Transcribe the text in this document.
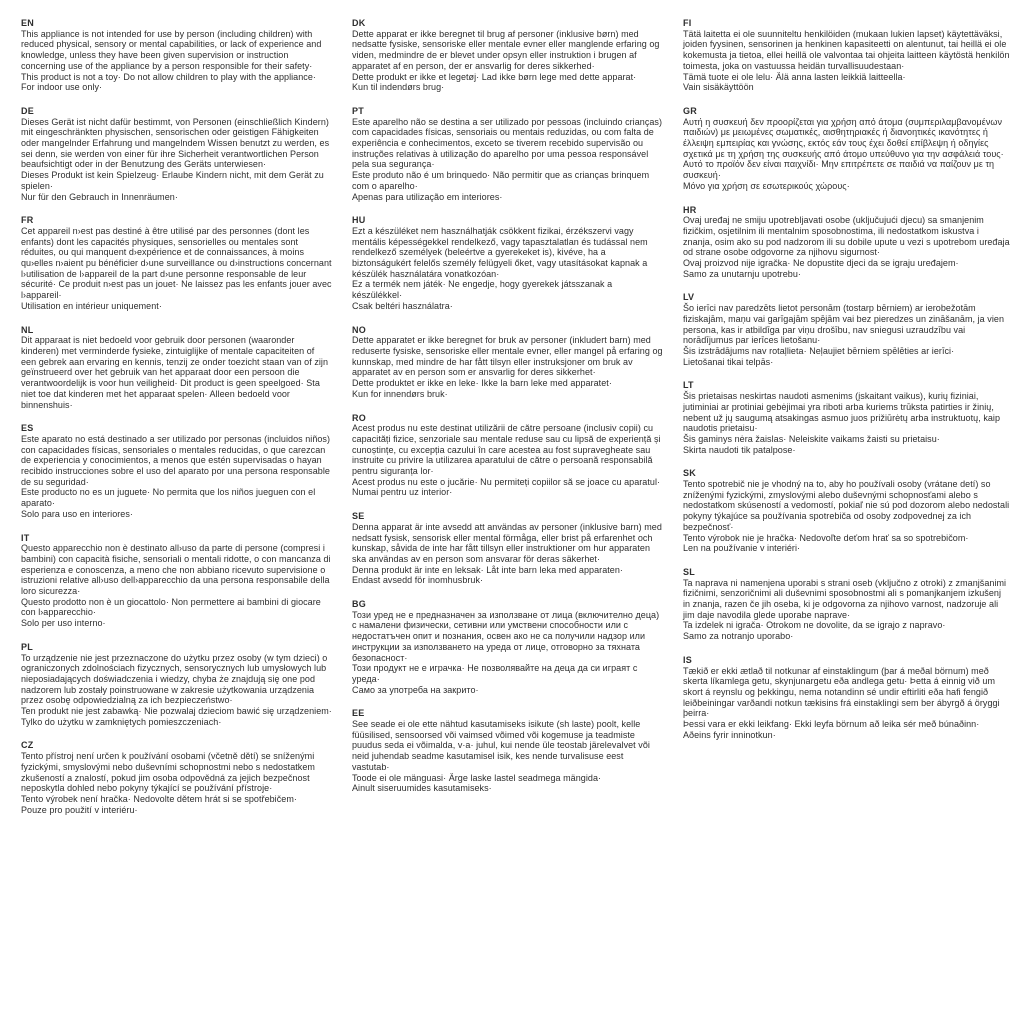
EN

This appliance is not intended for use by person (including children) with reduced physical, sensory or mental capabilities, or lack of experience and knowledge, unless they have been given supervision or instruction concerning use of the appliance by a person responsible for their safety·

This product is not a toy· Do not allow children to play with the appliance·

For indoor use only·

DE

Dieses Gerät ist nicht dafür bestimmt, von Personen (einschließlich Kindern) mit eingeschränkten physischen, sensorischen oder geistigen Fähigkeiten oder mangelnder Erfahrung und mangelndem Wissen benutzt zu werden, es sei denn, sie werden von einer für ihre Sicherheit verantwortlichen Person beaufsichtigt oder in der Benutzung des Geräts unterwiesen·

Dieses Produkt ist kein Spielzeug· Erlaube Kindern nicht, mit dem Gerät zu spielen·

Nur für den Gebrauch in Innenräumen·

FR

Cet appareil n›est pas destiné à être utilisé par des personnes (dont les enfants) dont les capacités physiques, sensorielles ou mentales sont réduites, ou qui manquent d›expérience et de connaissances, à moins qu›elles n›aient pu bénéficier d›une surveillance ou d›instructions concernant l›utilisation de l›appareil de la part d›une personne responsable de leur sécurité· Ce produit n›est pas un jouet· Ne laissez pas les enfants jouer avec l›appareil·

Utilisation en intérieur uniquement·

NL

Dit apparaat is niet bedoeld voor gebruik door personen (waaronder kinderen) met verminderde fysieke, zintuiglijke of mentale capaciteiten of een gebrek aan ervaring en kennis, tenzij ze onder toezicht staan van of zijn geïnstrueerd over het gebruik van het apparaat door een persoon die verantwoordelijk is voor hun veiligheid· Dit product is geen speelgoed· Sta niet toe dat kinderen met het apparaat spelen· Alleen bedoeld voor binnenshuis·

ES

Este aparato no está destinado a ser utilizado por personas (incluidos niños) con capacidades físicas, sensoriales o mentales reducidas, o que carezcan de experiencia y conocimientos, a menos que estén supervisadas o hayan recibido instrucciones sobre el uso del aparato por una persona responsable de su seguridad·

Este producto no es un juguete· No permita que los niños jueguen con el aparato·

Solo para uso en interiores·

IT

Questo apparecchio non è destinato all›uso da parte di persone (compresi i bambini) con capacità fisiche, sensoriali o mentali ridotte, o con mancanza di esperienza e conoscenza, a meno che non abbiano ricevuto supervisione o istruzioni relative all›uso dell›apparecchio da una persona responsabile della loro sicurezza·

Questo prodotto non è un giocattolo· Non permettere ai bambini di giocare con l›apparecchio·

Solo per uso interno·

PL

To urządzenie nie jest przeznaczone do użytku przez osoby (w tym dzieci) o ograniczonych zdolnościach fizycznych, sensorycznych lub umysłowych lub nieposiadających doświadczenia i wiedzy, chyba że znajdują się one pod nadzorem lub zostały poinstruowane w zakresie użytkowania urządzenia przez osobę odpowiedzialną za ich bezpieczeństwo·

Ten produkt nie jest zabawką· Nie pozwalaj dzieciom bawić się urządzeniem·

Tylko do użytku w zamkniętych pomieszczeniach·

CZ

Tento přístroj není určen k používání osobami (včetně dětí) se sníženými fyzickými, smyslovými nebo duševními schopnostmi nebo s nedostatkem zkušeností a znalostí, pokud jim osoba odpovědná za jejich bezpečnost neposkytla dohled nebo pokyny týkající se používání přístroje·

Tento výrobek není hračka· Nedovolte dětem hrát si se spotřebičem·

Pouze pro použití v interiéru·

DK

Dette apparat er ikke beregnet til brug af personer (inklusive børn) med nedsatte fysiske, sensoriske eller mentale evner eller manglende erfaring og viden, medmindre de er blevet under opsyn eller instruktion i brugen af apparatet af en person, der er ansvarlig for deres sikkerhed·

Dette produkt er ikke et legetøj· Lad ikke børn lege med dette apparat·

Kun til indendørs brug·

PT

Este aparelho não se destina a ser utilizado por pessoas (incluindo crianças) com capacidades físicas, sensoriais ou mentais reduzidas, ou com falta de experiência e conhecimentos, exceto se tiverem recebido supervisão ou instruções relativas à utilização do aparelho por uma pessoa responsável pela sua segurança·

Este produto não é um brinquedo· Não permitir que as crianças brinquem com o aparelho·

Apenas para utilização em interiores·

HU

Ezt a készüléket nem használhatják csökkent fizikai, érzékszervi vagy mentális képességekkel rendelkező, vagy tapasztalatlan és tudással nem rendelkező személyek (beleértve a gyerekeket is), kivéve, ha a biztonságukért felelős személy felügyeli őket, vagy utasításokat kapnak a készülék használatára vonatkozóan·

Ez a termék nem játék· Ne engedje, hogy gyerekek játsszanak a készülékkel·

Csak beltéri használatra·

NO

Dette apparatet er ikke beregnet for bruk av personer (inkludert barn) med reduserte fysiske, sensoriske eller mentale evner, eller mangel på erfaring og kunnskap, med mindre de har fått tilsyn eller instruksjoner om bruk av apparatet av en person som er ansvarlig for deres sikkerhet·

Dette produktet er ikke en leke· Ikke la barn leke med apparatet·

Kun for innendørs bruk·

RO

Acest produs nu este destinat utilizării de către persoane (inclusiv copii) cu capacități fizice, senzoriale sau mentale reduse sau cu lipsă de experiență și cunoștințe, cu excepția cazului în care acestea au fost supravegheate sau instruite cu privire la utilizarea aparatului de către o persoană responsabilă pentru siguranța lor·

Acest produs nu este o jucărie· Nu permiteți copiilor să se joace cu aparatul·

Numai pentru uz interior·

SE

Denna apparat är inte avsedd att användas av personer (inklusive barn) med nedsatt fysisk, sensorisk eller mental förmåga, eller brist på erfarenhet och kunskap, såvida de inte har fått tillsyn eller instruktioner om hur apparaten ska användas av en person som ansvarar för deras säkerhet·

Denna produkt är inte en leksak· Låt inte barn leka med apparaten·

Endast avsedd för inomhusbruk·

BG

Този уред не е предназначен за използване от лица (включително деца) с намалени физически, сетивни или умствени способности или с недостатъчен опит и познания, освен ако не са получили надзор или инструкции за използването на уреда от лице, отговорно за тяхната безопасност·

Този продукт не е играчка· Не позволявайте на деца да си играят с уреда·

Само за употреба на закрито·

EE

See seade ei ole ette nähtud kasutamiseks isikute (sh laste) poolt, kelle füüsilised, sensoorsed või vaimsed võimed või kogemuse ja teadmiste puudus seda ei võimalda, v·a· juhul, kui nende üle teostab järelevalvet või neid juhendab seadme kasutamisel isik, kes nende turvalisuse eest vastutab·

Toode ei ole mänguasi· Ärge laske lastel seadmega mängida·

Ainult siseruumides kasutamiseks·

FI

Tätä laitetta ei ole suunniteltu henkilöiden (mukaan lukien lapset) käytettäväksi, joiden fyysinen, sensorinen ja henkinen kapasiteetti on alentunut, tai heillä ei ole kokemusta ja tietoa, ellei heillä ole valvontaa tai ohjeita laitteen käytöstä henkilön toimesta, joka on vastuussa heidän turvallisuudestaan·

Tämä tuote ei ole lelu· Älä anna lasten leikkiä laitteella·

Vain sisäkäyttöön

GR

Αυτή η συσκευή δεν προορίζεται για χρήση από άτομα (συμπεριλαμβανομένων παιδιών) με μειωμένες σωματικές, αισθητηριακές ή διανοητικές ικανότητες ή έλλειψη εμπειρίας και γνώσης, εκτός εάν τους έχει δοθεί επίβλεψη ή οδηγίες σχετικά με τη χρήση της συσκευής από άτομο υπεύθυνο για την ασφάλειά τους·

Αυτό το προϊόν δεν είναι παιχνίδι· Μην επιτρέπετε σε παιδιά να παίζουν με τη συσκευή·

Μόνο για χρήση σε εσωτερικούς χώρους·

HR

Ovaj uređaj ne smiju upotrebljavati osobe (uključujući djecu) sa smanjenim fizičkim, osjetilnim ili mentalnim sposobnostima, ili nedostatkom iskustva i znanja, osim ako su pod nadzorom ili su dobile upute u vezi s upotrebom uređaja od strane osobe odgovorne za njihovu sigurnost·

Ovaj proizvod nije igračka· Ne dopustite djeci da se igraju uređajem·

Samo za unutarnju upotrebu·

LV

Šo ierīci nav paredzēts lietot personām (tostarp bērniem) ar ierobežotām fiziskajām, maņu vai garīgajām spējām vai bez pieredzes un zināšanām, ja vien persona, kas ir atbildīga par viņu drošību, nav sniegusi uzraudzību vai norādījumus par ierīces lietošanu·

Šis izstrādājums nav rotaļlieta· Neļaujiet bērniem spēlēties ar ierīci·

Lietošanai tikai telpās·

LT

Šis prietaisas neskirtas naudoti asmenims (įskaitant vaikus), kurių fiziniai, jutiminiai ar protiniai gebėjimai yra riboti arba kuriems trūksta patirties ir žinių, nebent už jų saugumą atsakingas asmuo juos prižiūrėtų arba instruktuotų, kaip naudotis prietaisu·

Šis gaminys nėra žaislas· Neleiskite vaikams žaisti su prietaisu·

Skirta naudoti tik patalpose·

SK

Tento spotrebič nie je vhodný na to, aby ho používali osoby (vrátane detí) so zníženými fyzickými, zmyslovými alebo duševnými schopnosťami alebo s nedostatkom skúseností a vedomostí, pokiaľ nie sú pod dozorom alebo nedostali pokyny týkajúce sa používania spotrebiča od osoby zodpovednej za ich bezpečnosť·

Tento výrobok nie je hračka· Nedovoľte deťom hrať sa so spotrebičom·

Len na používanie v interiéri·

SL

Ta naprava ni namenjena uporabi s strani oseb (vključno z otroki) z zmanjšanimi fizičnimi, senzoričnimi ali duševnimi sposobnostmi ali s pomanjkanjem izkušenj in znanja, razen če jih oseba, ki je odgovorna za njihovo varnost, nadzoruje ali jim daje navodila glede uporabe naprave·

Ta izdelek ni igrača· Otrokom ne dovolite, da se igrajo z napravo·

Samo za notranjo uporabo·

IS

Tækið er ekki ætlað til notkunar af einstaklingum (þar á meðal börnum) með skerta líkamlega getu, skynjunargetu eða andlega getu· Þetta á einnig við um skort á reynslu og þekkingu, nema notandinn sé undir eftirliti eða hafi fengið leiðbeiningar varðandi notkun tækisins frá einstaklingi sem ber ábyrgð á öryggi þeirra·

Þessi vara er ekki leikfang· Ekki leyfa börnum að leika sér með búnaðinn·

Aðeins fyrir inninotkun·
